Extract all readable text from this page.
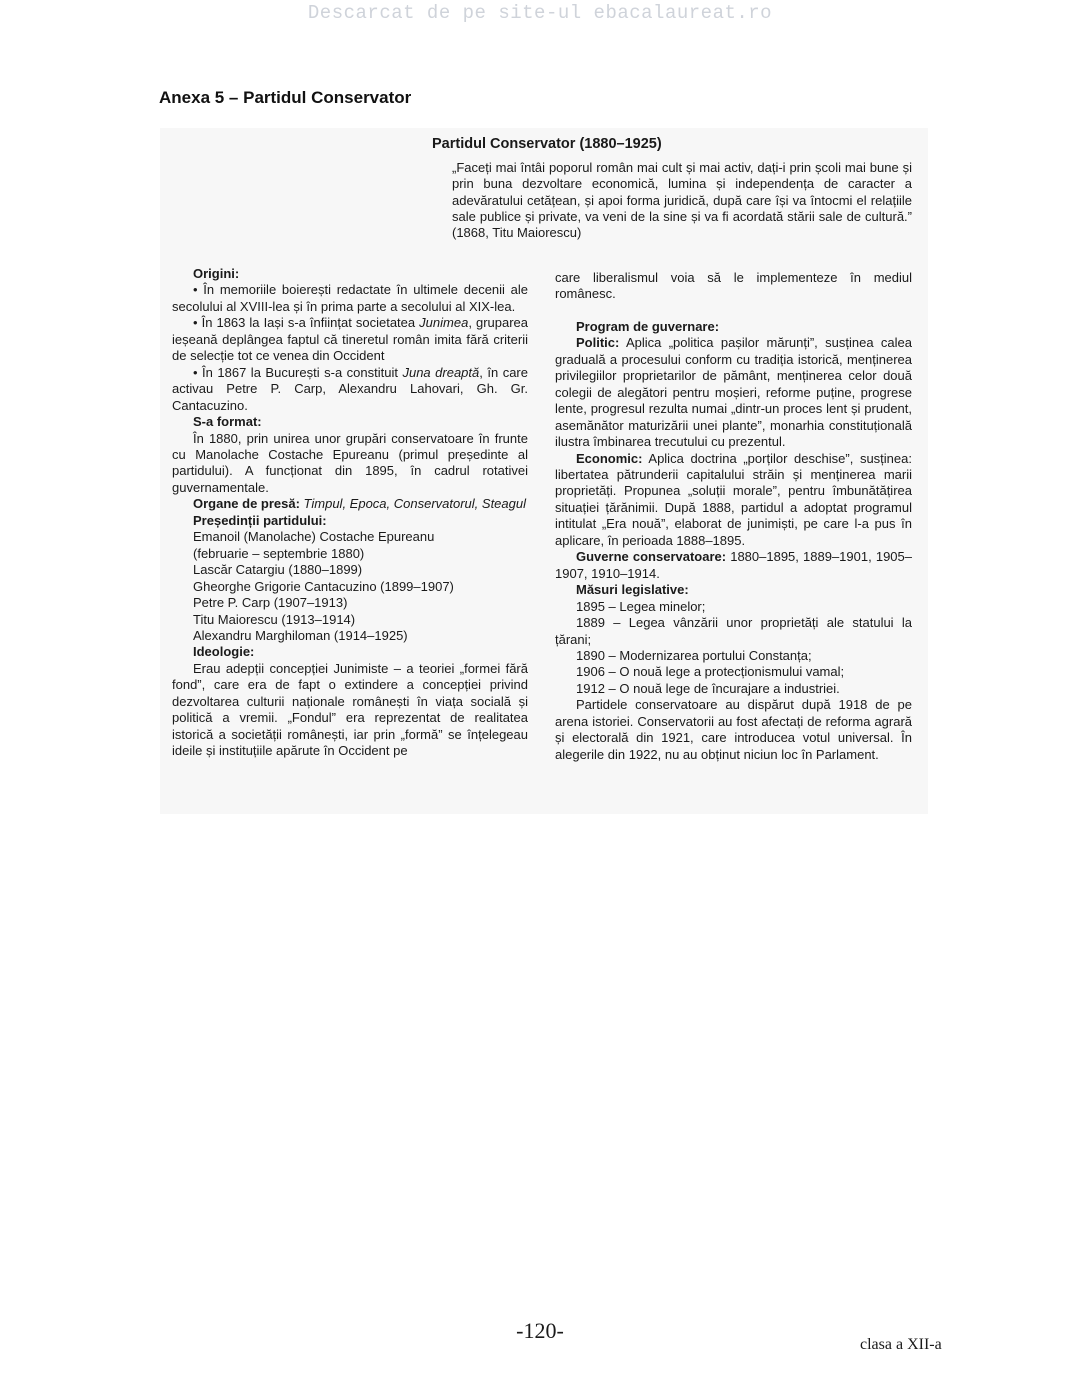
Descarcat de pe site-ul ebacalaureat.ro
Anexa 5 – Partidul Conservator
Partidul Conservator (1880–1925)
„Faceți mai întâi poporul român mai cult și mai activ, dați-i prin școli mai bune și prin buna dezvoltare economică, lumina și independența de caracter a adevăratului cetățean, și apoi forma juridică, după care își va întocmi el relațiile sale publice și private, va veni de la sine și va fi acordată stării sale de cultură.” (1868, Titu Maiorescu)

Origini:

• În memoriile boierești redactate în ultimele decenii ale secolului al XVIII-lea și în prima parte a secolului al XIX-lea.

• În 1863 la Iași s-a înființat societatea Junimea, gruparea ieșeană deplângea faptul că tineretul român imita fără criterii de selecție tot ce venea din Occident

• În 1867 la București s-a constituit Juna dreaptă, în care activau Petre P. Carp, Alexandru Lahovari, Gh. Gr. Cantacuzino.

S-a format:

În 1880, prin unirea unor grupări conservatoare în frunte cu Manolache Costache Epureanu (primul președinte al partidului). A funcționat din 1895, în cadrul rotativei guvernamentale.

Organe de presă: Timpul, Epoca, Conservatorul, Steagul

Președinții partidului:

Emanoil (Manolache) Costache Epureanu
(februarie – septembrie 1880)
Lascăr Catargiu (1880–1899)
Gheorghe Grigorie Cantacuzino (1899–1907)
Petre P. Carp (1907–1913)
Titu Maiorescu (1913–1914)
Alexandru Marghiloman (1914–1925)

Ideologie:

Erau adepții concepției Junimiste – a teoriei „formei fără fond”, care era de fapt o extindere a concepției privind dezvoltarea culturii naționale românești în viața socială și politică a vremii. „Fondul” era reprezentat de realitatea istorică a societății românești, iar prin „formă” se înțelegeau ideile și instituțiile apărute în Occident pe

care liberalismul voia să le implementeze în mediul românesc.

Program de guvernare:

Politic: Aplica „politica pașilor mărunți”, susținea calea graduală a procesului conform cu tradiția istorică, menținerea privilegiilor proprietarilor de pământ, menținerea celor două colegii de alegători pentru moșieri, reforme puține, progrese lente, progresul rezulta numai „dintr-un proces lent și prudent, asemănător maturizării unei plante”, monarhia constituțională ilustra îmbinarea trecutului cu prezentul.

Economic: Aplica doctrina „porților deschise”, susținea: libertatea pătrunderii capitalului străin și menținerea marii proprietăți. Propunea „soluții morale”, pentru îmbunătățirea situației țărănimii. După 1888, partidul a adoptat programul intitulat „Era nouă”, elaborat de junimiști, pe care l-a pus în aplicare, în perioada 1888–1895.

Guverne conservatoare: 1880–1895, 1889–1901, 1905–1907, 1910–1914.

Măsuri legislative:

1895 – Legea minelor;

1889 – Legea vânzării unor proprietăți ale statului la țărani;

1890 – Modernizarea portului Constanța;

1906 – O nouă lege a protecționismului vamal;

1912 – O nouă lege de încurajare a industriei.

Partidele conservatoare au dispărut după 1918 de pe arena istoriei. Conservatorii au fost afectați de reforma agrară și electorală din 1921, care introducea votul universal. În alegerile din 1922, nu au obținut niciun loc în Parlament.

-120-
clasa a XII-a
